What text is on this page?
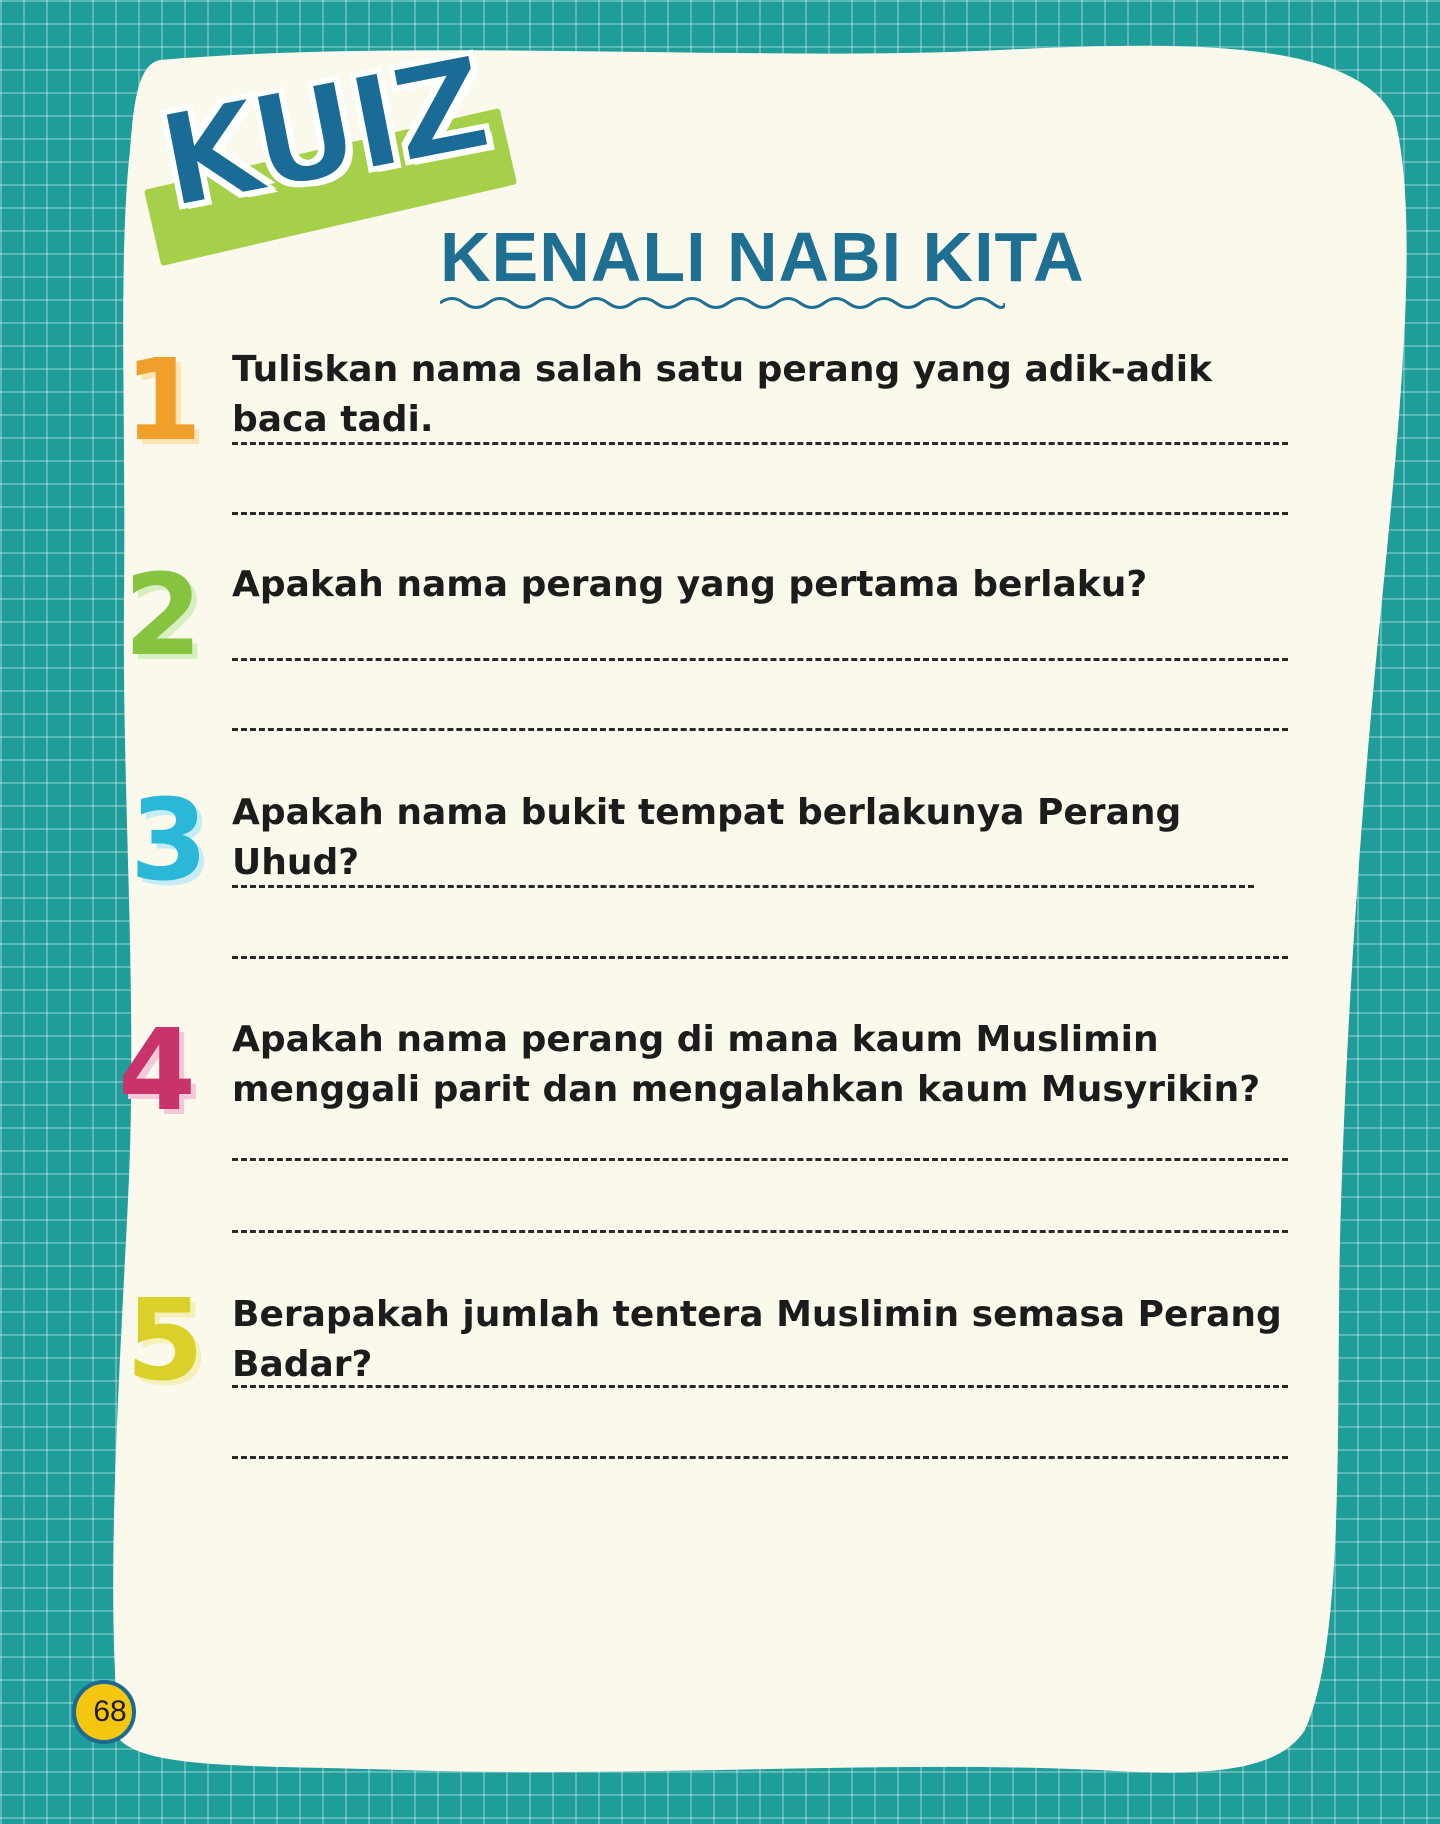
KUIZ
KENALI NABI KITA
1 Tuliskan nama salah satu perang yang adik-adik baca tadi.

2 Apakah nama perang yang pertama berlaku?

3 Apakah nama bukit tempat berlakunya Perang Uhud?

4 Apakah nama perang di mana kaum Muslimin menggali parit dan mengalahkan kaum Musyrikin?

5 Berapakah jumlah tentera Muslimin semasa Perang Badar?

68
